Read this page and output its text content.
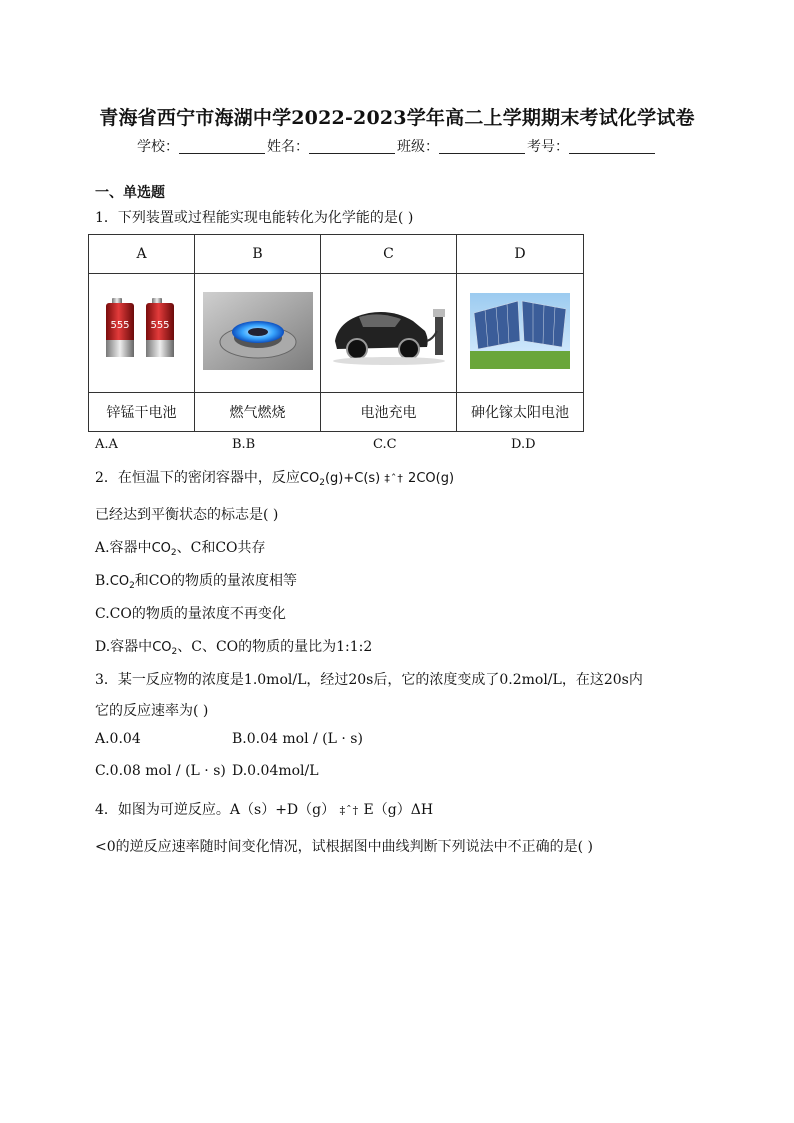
青海省西宁市海湖中学2022-2023学年高二上学期期末考试化学试卷
学校：	姓名：	班级：	考号：
一、单选题
1．下列装置或过程能实现电能转化为化学能的是( )
A	B	C	D

555 555

锌锰干电池	燃气燃烧	电池充电	砷化镓太阳电池
A.A	B.B	C.C	D.D
2．在恒温下的密闭容器中，反应$CO_2(g)+C(s)$ ‡ˆ† 2CO(g)
已经达到平衡状态的标志是( )
A.容器中$CO_2$、C和CO共存
$B.CO_2$和CO的物质的量浓度相等
C.CO的物质的量浓度不再变化
D.容器中$CO_2$、C、CO的物质的量比为1:1:2
3．某一反应物的浓度是1.0mol/L，经过20s后，它的浓度变成了0.2mol/L，在这20s内
它的反应速率为( )
A.0.04	B.0.04 mol / (L · s)
C.0.08 mol / (L · s) D.0.04mol/L
4．如图为可逆反应。A（s）+D（g） ‡ˆ† E（g）ΔH
<0的逆反应速率随时间变化情况，试根据图中曲线判断下列说法中不正确的是( )
